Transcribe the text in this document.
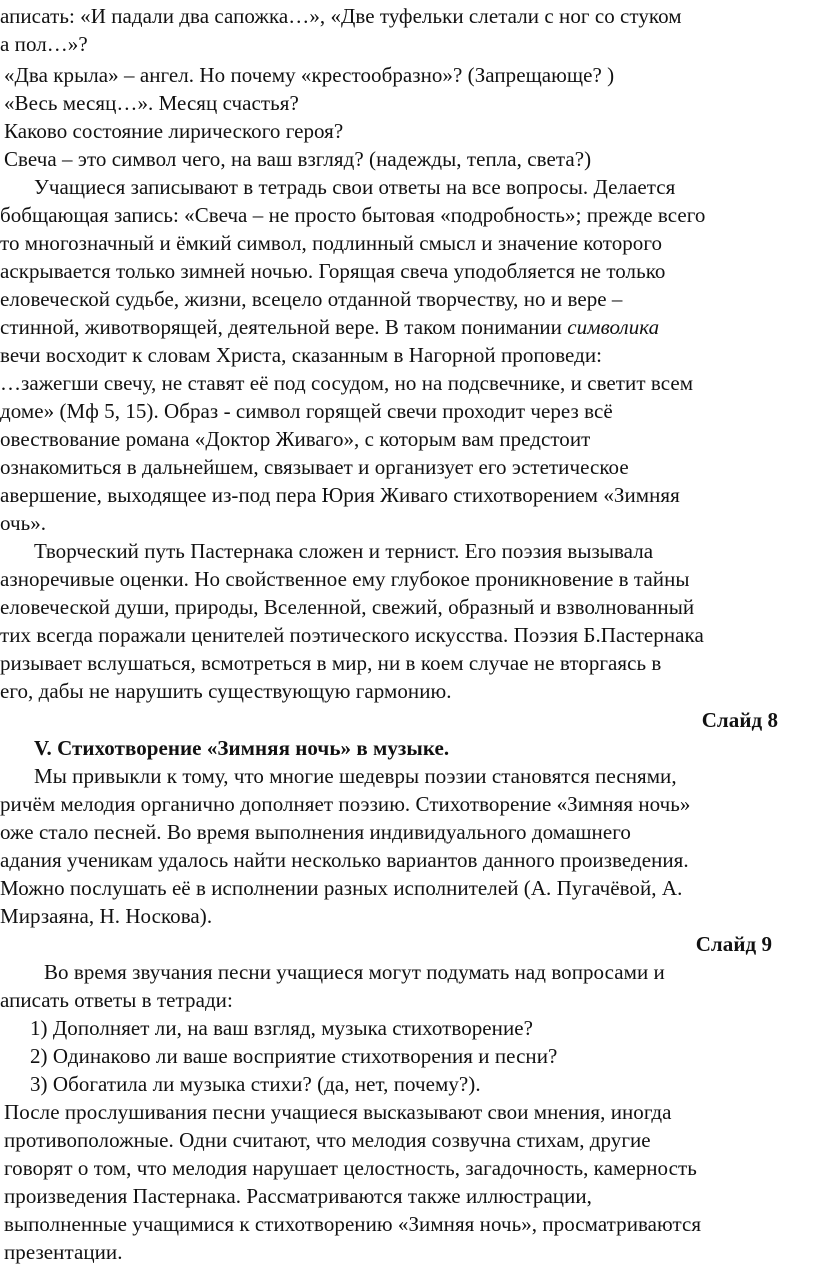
аписать: «И падали два сапожка…», «Две туфельки слетали с ног со стуком
а пол…»?
«Два крыла» – ангел. Но почему «крестообразно»? (Запрещающе? )
«Весь месяц…». Месяц счастья?
Каково состояние лирического героя?
Свеча – это символ чего, на ваш взгляд? (надежды, тепла, света?)
Учащиеся записывают в тетрадь свои ответы на все вопросы. Делается
бобщающая запись: «Свеча – не просто бытовая «подробность»; прежде всего
то многозначный и ёмкий символ, подлинный смысл и значение которого
аскрывается только зимней ночью. Горящая свеча уподобляется не только
еловеческой судьбе, жизни, всецело отданной творчеству, но и вере –
стинной, животворящей, деятельной вере. В таком понимании символика
вечи восходит к словам Христа, сказанным в Нагорной проповеди:
…зажегши свечу, не ставят её под сосудом, но на подсвечнике, и светит всем
доме» (Мф 5, 15). Образ - символ горящей свечи проходит через всё
овествование романа «Доктор Живаго», с которым вам предстоит
ознакомиться в дальнейшем, связывает и организует его эстетическое
авершение, выходящее из-под пера Юрия Живаго стихотворением «Зимняя
очь».
Творческий путь Пастернака сложен и тернист. Его поэзия вызывала
азноречивые оценки. Но свойственное ему глубокое проникновение в тайны
еловеческой души, природы, Вселенной, свежий, образный и взволнованный
тих всегда поражали ценителей поэтического искусства. Поэзия Б.Пастернака
ризывает вслушаться, всмотреться в мир, ни в коем случае не вторгаясь в
его, дабы не нарушить существующую гармонию.
Слайд 8
V. Стихотворение «Зимняя ночь» в музыке.
Мы привыкли к тому, что многие шедевры поэзии становятся песнями,
ричём мелодия органично дополняет поэзию. Стихотворение «Зимняя ночь»
оже стало песней. Во время выполнения индивидуального домашнего
адания ученикам удалось найти несколько вариантов данного произведения.
Можно послушать её в исполнении разных исполнителей (А. Пугачёвой, А.
Мирзаяна, Н. Носкова).
Слайд 9
Во время звучания песни учащиеся могут подумать над вопросами и
аписать ответы в тетради:
1) Дополняет ли, на ваш взгляд, музыка стихотворение?
2) Одинаково ли ваше восприятие стихотворения и песни?
3) Обогатила ли музыка стихи? (да, нет, почему?).
После прослушивания песни учащиеся высказывают свои мнения, иногда
противоположные. Одни считают, что мелодия созвучна стихам, другие
говорят о том, что мелодия нарушает целостность, загадочность, камерность
произведения Пастернака. Рассматриваются также иллюстрации,
выполненные учащимися к стихотворению «Зимняя ночь», просматриваются
презентации.
